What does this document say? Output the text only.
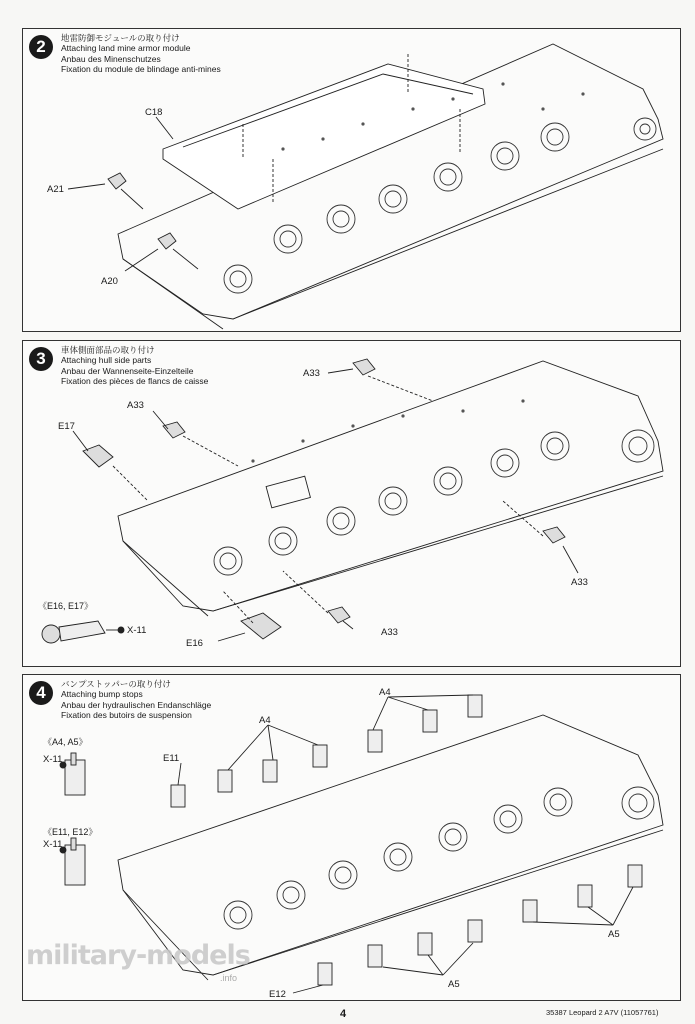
2	地雷防御モジュールの取り付け
Attaching land mine armor module
Anbau des Minenschutzes
Fixation du module de blindage anti-mines
C18
A21
A20
3	車体側面部品の取り付け
Attaching hull side parts
Anbau der Wannenseite-Einzelteile
Fixation des pièces de flancs de caisse
A33
A33
E17
A33
A33
E16
X-11
《E16, E17》
4	バンプストッパーの取り付け
Attaching bump stops
Anbau der hydraulischen Endanschläge
Fixation des butoirs de suspension
A4
A4
E11
A5
A5
E12
X-11
X-11
《A4, A5》
《E11, E12》
military-models
.info
4	35387 Leopard 2 A7V (11057761)
